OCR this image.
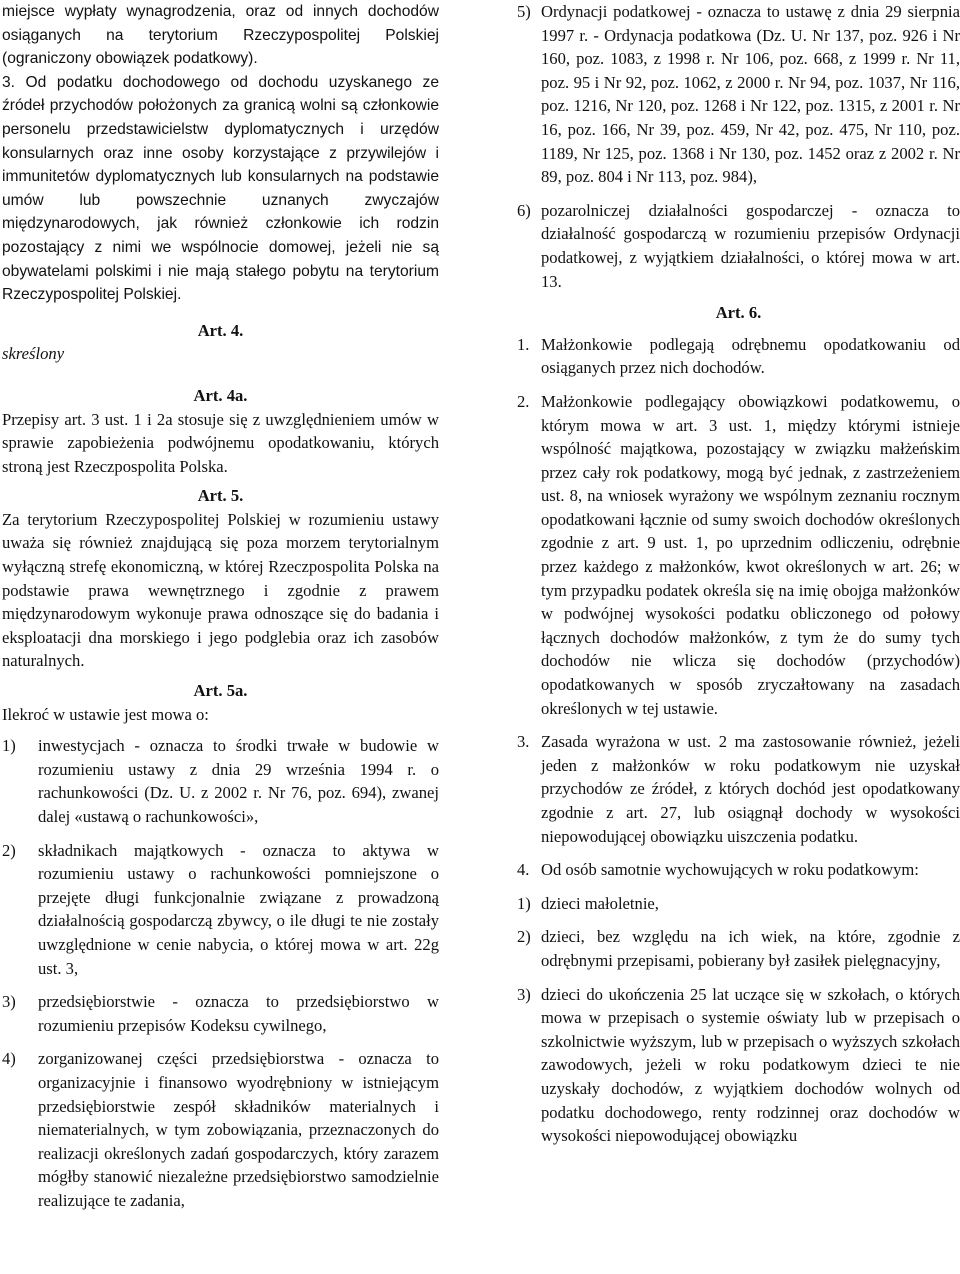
miejsce wypłaty wynagrodzenia, oraz od innych dochodów osiąganych na terytorium Rzeczypospolitej Polskiej (ograniczony obowiązek podatkowy).

3. Od podatku dochodowego od dochodu uzyskanego ze źródeł przychodów położonych za granicą wolni są członkowie personelu przedstawicielstw dyplomatycznych i urzędów konsularnych oraz inne osoby korzystające z przywilejów i immunitetów dyplomatycznych lub konsularnych na podstawie umów lub powszechnie uznanych zwyczajów międzynarodowych, jak również członkowie ich rodzin pozostający z nimi we wspólnocie domowej, jeżeli nie są obywatelami polskimi i nie mają stałego pobytu na terytorium Rzeczypospolitej Polskiej.

Art. 4.

skreślony

Art. 4a.

Przepisy art. 3 ust. 1 i 2a stosuje się z uwzględnieniem umów w sprawie zapobieżenia podwójnemu opodatkowaniu, których stroną jest Rzeczpospolita Polska.

Art. 5.

Za terytorium Rzeczypospolitej Polskiej w rozumieniu ustawy uważa się również znajdującą się poza morzem terytorialnym wyłączną strefę ekonomiczną, w której Rzeczpospolita Polska na podstawie prawa wewnętrznego i zgodnie z prawem międzynarodowym wykonuje prawa odnoszące się do badania i eksploatacji dna morskiego i jego podglebia oraz ich zasobów naturalnych.

Art. 5a.

Ilekroć w ustawie jest mowa o:

1)	inwestycjach - oznacza to środki trwałe w budowie w rozumieniu ustawy z dnia 29 września 1994 r. o rachunkowości (Dz. U. z 2002 r. Nr 76, poz. 694), zwanej dalej «ustawą o rachunkowości»,
2)	składnikach majątkowych - oznacza to aktywa w rozumieniu ustawy o rachunkowości pomniejszone o przejęte długi funkcjonalnie związane z prowadzoną działalnością gospodarczą zbywcy, o ile długi te nie zostały uwzględnione w cenie nabycia, o której mowa w art. 22g ust. 3,
3)	przedsiębiorstwie - oznacza to przedsiębiorstwo w rozumieniu przepisów Kodeksu cywilnego,
4)	zorganizowanej części przedsiębiorstwa - oznacza to organizacyjnie i finansowo wyodrębniony w istniejącym przedsiębiorstwie zespół składników materialnych i niematerialnych, w tym zobowiązania, przeznaczonych do realizacji określonych zadań gospodarczych, który zarazem mógłby stanowić niezależne przedsiębiorstwo samodzielnie realizujące te zadania,
5) Ordynacji podatkowej - oznacza to ustawę z dnia 29 sierpnia 1997 r. - Ordynacja podatkowa (Dz. U. Nr 137, poz. 926 i Nr 160, poz. 1083, z 1998 r. Nr 106, poz. 668, z 1999 r. Nr 11, poz. 95 i Nr 92, poz. 1062, z 2000 r. Nr 94, poz. 1037, Nr 116, poz. 1216, Nr 120, poz. 1268 i Nr 122, poz. 1315, z 2001 r. Nr 16, poz. 166, Nr 39, poz. 459, Nr 42, poz. 475, Nr 110, poz. 1189, Nr 125, poz. 1368 i Nr 130, poz. 1452 oraz z 2002 r. Nr 89, poz. 804 i Nr 113, poz. 984),
6) pozarolniczej działalności gospodarczej - oznacza to działalność gospodarczą w rozumieniu przepisów Ordynacji podatkowej, z wyjątkiem działalności, o której mowa w art. 13.

Art. 6.

1. Małżonkowie podlegają odrębnemu opodatkowaniu od osiąganych przez nich dochodów.
2. Małżonkowie podlegający obowiązkowi podatkowemu, o którym mowa w art. 3 ust. 1, między którymi istnieje wspólność majątkowa, pozostający w związku małżeńskim przez cały rok podatkowy, mogą być jednak, z zastrzeżeniem ust. 8, na wniosek wyrażony we wspólnym zeznaniu rocznym opodatkowani łącznie od sumy swoich dochodów określonych zgodnie z art. 9 ust. 1, po uprzednim odliczeniu, odrębnie przez każdego z małżonków, kwot określonych w art. 26; w tym przypadku podatek określa się na imię obojga małżonków w podwójnej wysokości podatku obliczonego od połowy łącznych dochodów małżonków, z tym że do sumy tych dochodów nie wlicza się dochodów (przychodów) opodatkowanych w sposób zryczałtowany na zasadach określonych w tej ustawie.
3. Zasada wyrażona w ust. 2 ma zastosowanie również, jeżeli jeden z małżonków w roku podatkowym nie uzyskał przychodów ze źródeł, z których dochód jest opodatkowany zgodnie z art. 27, lub osiągnął dochody w wysokości niepowodującej obowiązku uiszczenia podatku.
4. Od osób samotnie wychowujących w roku podatkowym:
1) dzieci małoletnie,
2) dzieci, bez względu na ich wiek, na które, zgodnie z odrębnymi przepisami, pobierany był zasiłek pielęgnacyjny,
3) dzieci do ukończenia 25 lat uczące się w szkołach, o których mowa w przepisach o systemie oświaty lub w przepisach o szkolnictwie wyższym, lub w przepisach o wyższych szkołach zawodowych, jeżeli w roku podatkowym dzieci te nie uzyskały dochodów, z wyjątkiem dochodów wolnych od podatku dochodowego, renty rodzinnej oraz dochodów w wysokości niepowodującej obowiązku
